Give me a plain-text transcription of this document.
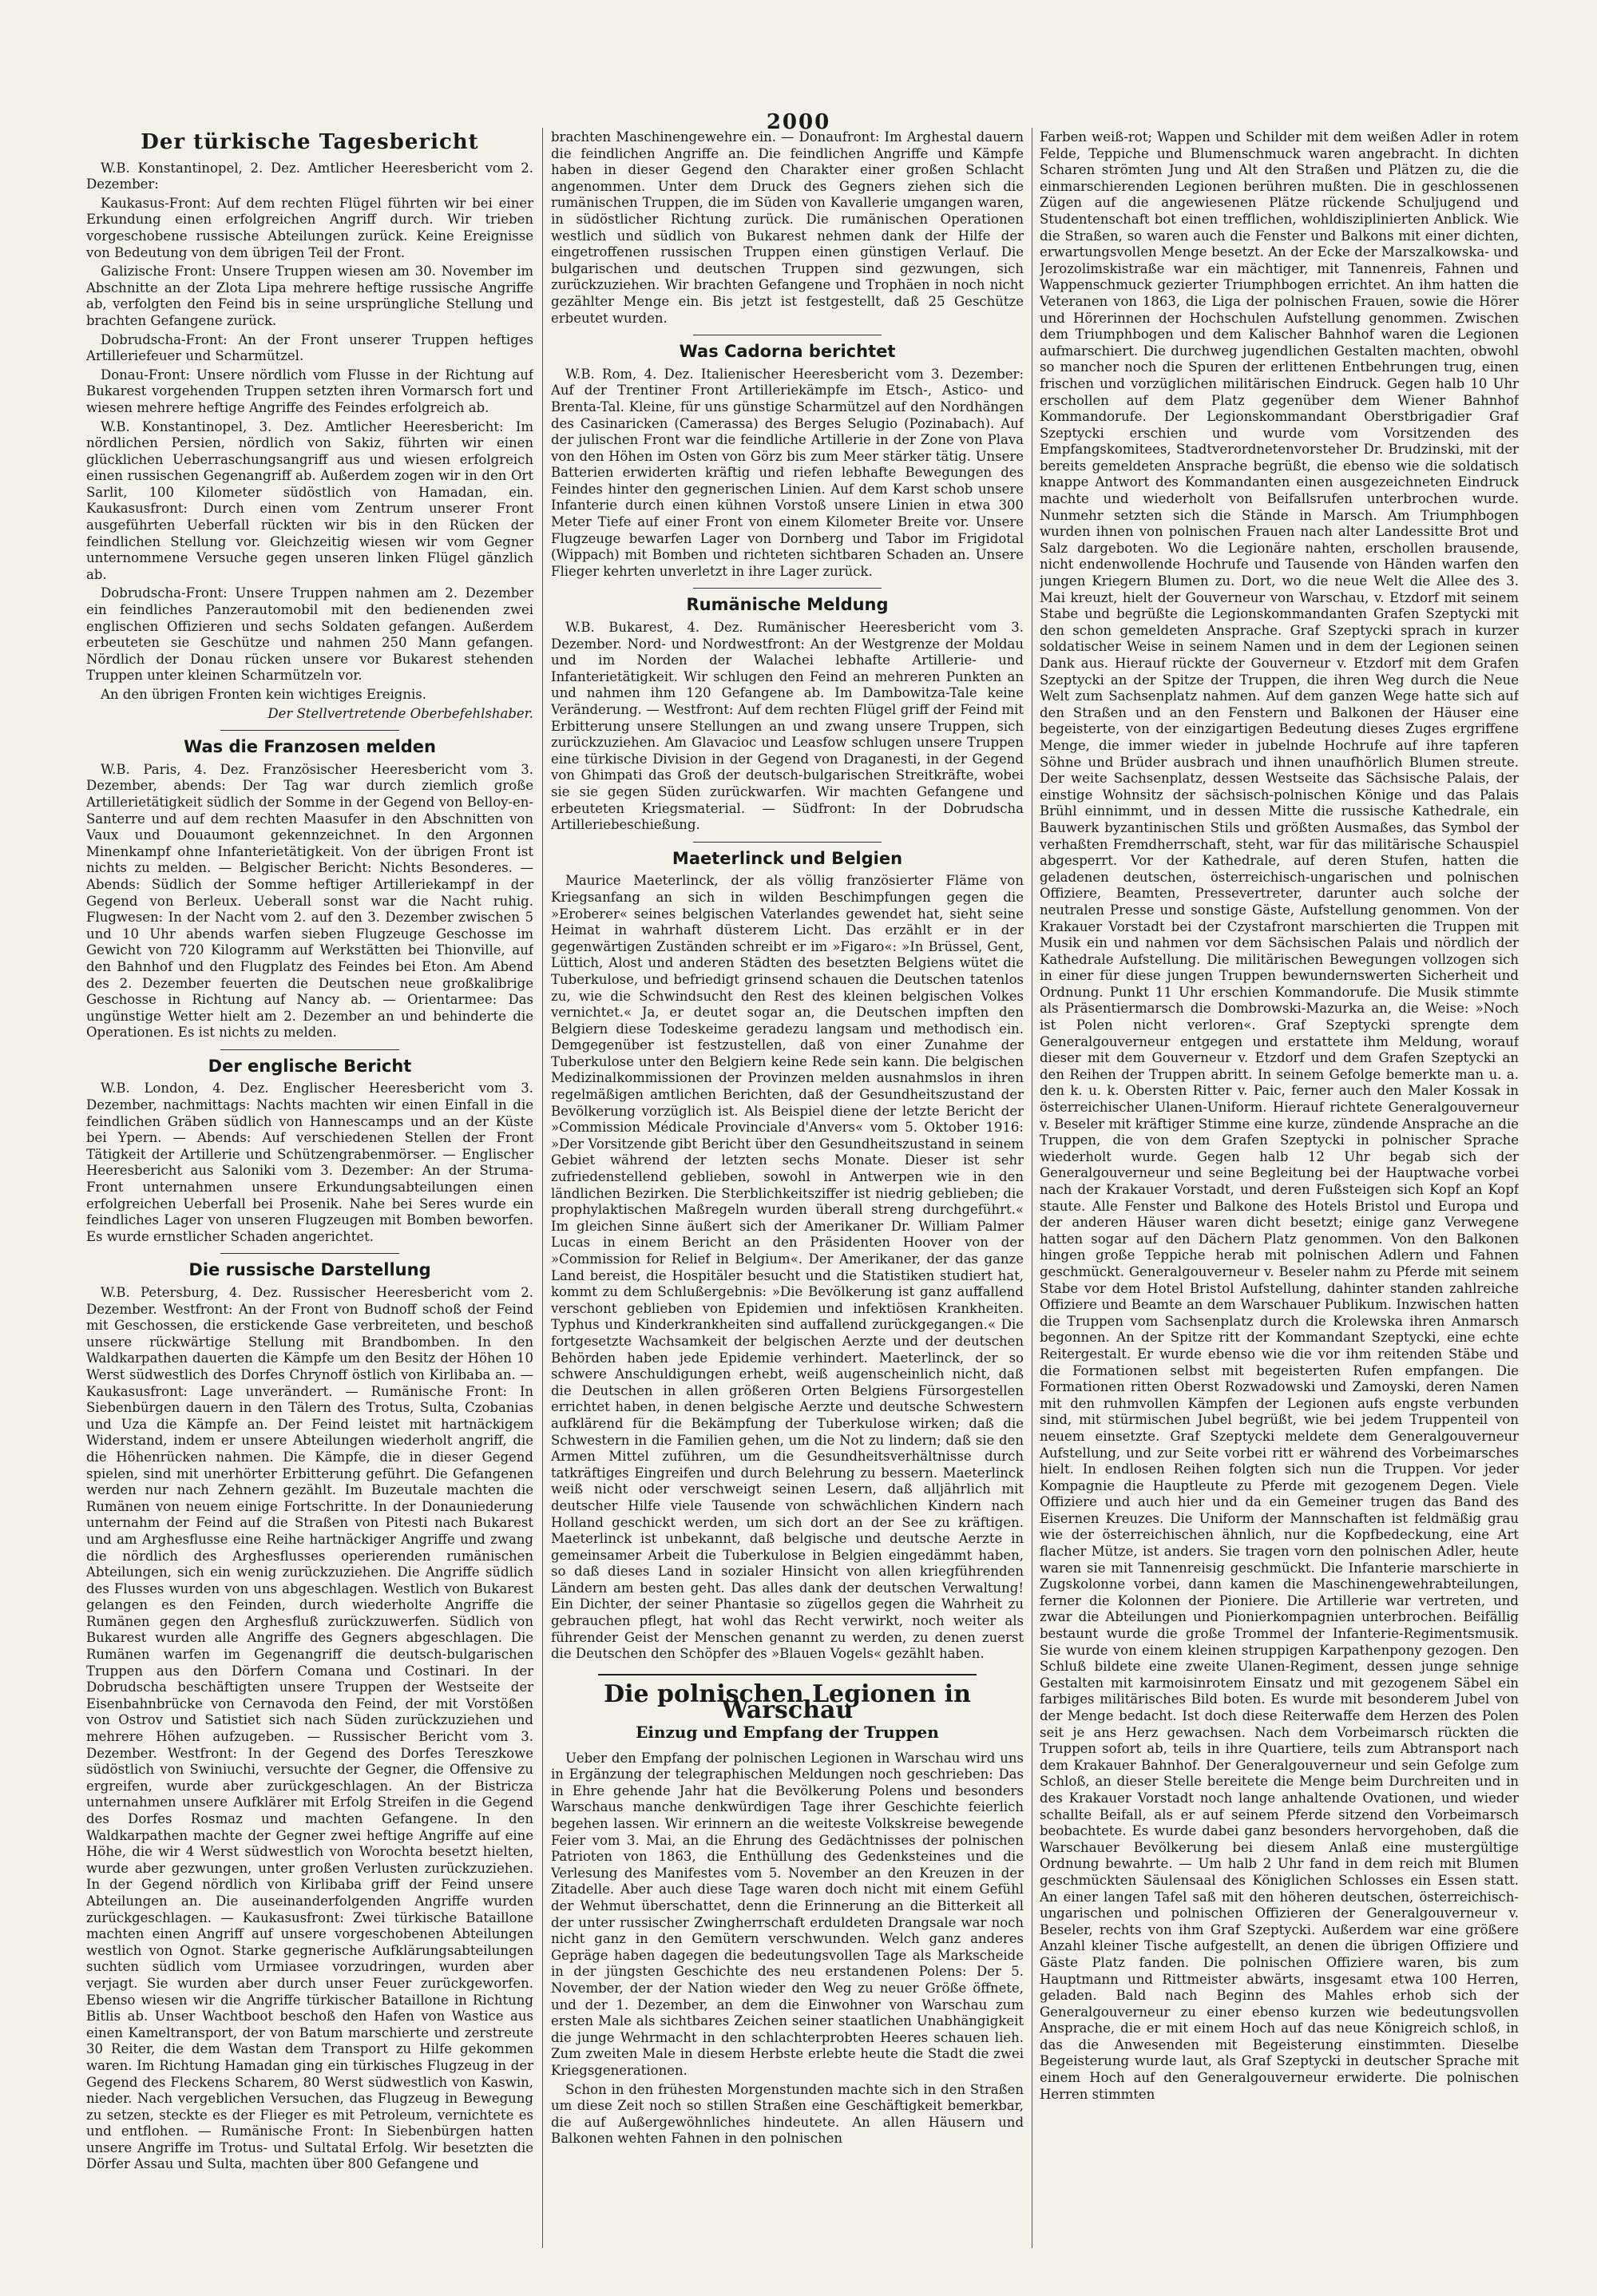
2000
Der türkische Tagesbericht

W.B. Konstantinopel, 2. Dez. Amtlicher Heeresbericht vom 2. Dezember:

Kaukasus-Front: Auf dem rechten Flügel führten wir bei einer Erkundung einen erfolgreichen Angriff durch. Wir trieben vorgeschobene russische Abteilungen zurück. Keine Ereignisse von Bedeutung von dem übrigen Teil der Front.

Galizische Front: Unsere Truppen wiesen am 30. November im Abschnitte an der Zlota Lipa mehrere heftige russische Angriffe ab, verfolgten den Feind bis in seine ursprüngliche Stellung und brachten Gefangene zurück.

Dobrudscha-Front: An der Front unserer Truppen heftiges Artilleriefeuer und Scharmützel.

Donau-Front: Unsere nördlich vom Flusse in der Richtung auf Bukarest vorgehenden Truppen setzten ihren Vormarsch fort und wiesen mehrere heftige Angriffe des Feindes erfolgreich ab.

W.B. Konstantinopel, 3. Dez. Amtlicher Heeresbericht: Im nördlichen Persien, nördlich von Sakiz, führten wir einen glücklichen Ueberraschungsangriff aus und wiesen erfolgreich einen russischen Gegenangriff ab. Außerdem zogen wir in den Ort Sarlit, 100 Kilometer südöstlich von Hamadan, ein. Kaukasusfront: Durch einen vom Zentrum unserer Front ausgeführten Ueberfall rückten wir bis in den Rücken der feindlichen Stellung vor. Gleichzeitig wiesen wir vom Gegner unternommene Versuche gegen unseren linken Flügel gänzlich ab.

Dobrudscha-Front: Unsere Truppen nahmen am 2. Dezember ein feindliches Panzerautomobil mit den bedienenden zwei englischen Offizieren und sechs Soldaten gefangen. Außerdem erbeuteten sie Geschütze und nahmen 250 Mann gefangen. Nördlich der Donau rücken unsere vor Bukarest stehenden Truppen unter kleinen Scharmützeln vor.

An den übrigen Fronten kein wichtiges Ereignis.

Der Stellvertretende Oberbefehlshaber.

Was die Franzosen melden

W.B. Paris, 4. Dez. Französischer Heeresbericht vom 3. Dezember, abends: Der Tag war durch ziemlich große Artillerietätigkeit südlich der Somme in der Gegend von Belloy-en-Santerre und auf dem rechten Maasufer in den Abschnitten von Vaux und Douaumont gekennzeichnet. In den Argonnen Minenkampf ohne Infanterietätigkeit. Von der übrigen Front ist nichts zu melden. — Belgischer Bericht: Nichts Besonderes. — Abends: Südlich der Somme heftiger Artilleriekampf in der Gegend von Berleux. Ueberall sonst war die Nacht ruhig. Flugwesen: In der Nacht vom 2. auf den 3. Dezember zwischen 5 und 10 Uhr abends warfen sieben Flugzeuge Geschosse im Gewicht von 720 Kilogramm auf Werkstätten bei Thionville, auf den Bahnhof und den Flugplatz des Feindes bei Eton. Am Abend des 2. Dezember feuerten die Deutschen neue großkalibrige Geschosse in Richtung auf Nancy ab. — Orientarmee: Das ungünstige Wetter hielt am 2. Dezember an und behinderte die Operationen. Es ist nichts zu melden.

Der englische Bericht

W.B. London, 4. Dez. Englischer Heeresbericht vom 3. Dezember, nachmittags: Nachts machten wir einen Einfall in die feindlichen Gräben südlich von Hannescamps und an der Küste bei Ypern. — Abends: Auf verschiedenen Stellen der Front Tätigkeit der Artillerie und Schützengrabenmörser. — Englischer Heeresbericht aus Saloniki vom 3. Dezember: An der Struma-Front unternahmen unsere Erkundungsabteilungen einen erfolgreichen Ueberfall bei Prosenik. Nahe bei Seres wurde ein feindliches Lager von unseren Flugzeugen mit Bomben beworfen. Es wurde ernstlicher Schaden angerichtet.

Die russische Darstellung

W.B. Petersburg, 4. Dez. Russischer Heeresbericht vom 2. Dezember. Westfront: An der Front von Budnoff schoß der Feind mit Geschossen, die erstickende Gase verbreiteten, und beschoß unsere rückwärtige Stellung mit Brandbomben. In den Waldkarpathen dauerten die Kämpfe um den Besitz der Höhen 10 Werst südwestlich des Dorfes Chrynoff östlich von Kirlibaba an. — Kaukasusfront: Lage unverändert. — Rumänische Front: In Siebenbürgen dauern in den Tälern des Trotus, Sulta, Czobanias und Uza die Kämpfe an. Der Feind leistet mit hartnäckigem Widerstand, indem er unsere Abteilungen wiederholt angriff, die die Höhenrücken nahmen. Die Kämpfe, die in dieser Gegend spielen, sind mit unerhörter Erbitterung geführt. Die Gefangenen werden nur nach Zehnern gezählt. Im Buzeutale machten die Rumänen von neuem einige Fortschritte. In der Donauniederung unternahm der Feind auf die Straßen von Pitesti nach Bukarest und am Arghesflusse eine Reihe hartnäckiger Angriffe und zwang die nördlich des Arghesflusses operierenden rumänischen Abteilungen, sich ein wenig zurückzuziehen. Die Angriffe südlich des Flusses wurden von uns abgeschlagen. Westlich von Bukarest gelangen es den Feinden, durch wiederholte Angriffe die Rumänen gegen den Arghesfluß zurückzuwerfen. Südlich von Bukarest wurden alle Angriffe des Gegners abgeschlagen. Die Rumänen warfen im Gegenangriff die deutsch-bulgarischen Truppen aus den Dörfern Comana und Costinari. In der Dobrudscha beschäftigten unsere Truppen der Westseite der Eisenbahnbrücke von Cernavoda den Feind, der mit Vorstößen von Ostrov und Satistiet sich nach Süden zurückzuziehen und mehrere Höhen aufzugeben. — Russischer Bericht vom 3. Dezember. Westfront: In der Gegend des Dorfes Tereszkowe südöstlich von Swiniuchi, versuchte der Gegner, die Offensive zu ergreifen, wurde aber zurückgeschlagen. An der Bistricza unternahmen unsere Aufklärer mit Erfolg Streifen in die Gegend des Dorfes Rosmaz und machten Gefangene. In den Waldkarpathen machte der Gegner zwei heftige Angriffe auf eine Höhe, die wir 4 Werst südwestlich von Worochta besetzt hielten, wurde aber gezwungen, unter großen Verlusten zurückzuziehen. In der Gegend nördlich von Kirlibaba griff der Feind unsere Abteilungen an. Die auseinanderfolgenden Angriffe wurden zurückgeschlagen. — Kaukasusfront: Zwei türkische Bataillone machten einen Angriff auf unsere vorgeschobenen Abteilungen westlich von Ognot. Starke gegnerische Aufklärungsabteilungen suchten südlich vom Urmiasee vorzudringen, wurden aber verjagt. Sie wurden aber durch unser Feuer zurückgeworfen. Ebenso wiesen wir die Angriffe türkischer Bataillone in Richtung Bitlis ab. Unser Wachtboot beschoß den Hafen von Wastice aus einen Kameltransport, der von Batum marschierte und zerstreute 30 Reiter, die dem Wastan dem Transport zu Hilfe gekommen waren. Im Richtung Hamadan ging ein türkisches Flugzeug in der Gegend des Fleckens Scharem, 80 Werst südwestlich von Kaswin, nieder. Nach vergeblichen Versuchen, das Flugzeug in Bewegung zu setzen, steckte es der Flieger es mit Petroleum, vernichtete es und entflohen. — Rumänische Front: In Siebenbürgen hatten unsere Angriffe im Trotus- und Sultatal Erfolg. Wir besetzten die Dörfer Assau und Sulta, machten über 800 Gefangene und

brachten Maschinengewehre ein. — Donaufront: Im Arghestal dauern die feindlichen Angriffe an. Die feindlichen Angriffe und Kämpfe haben in dieser Gegend den Charakter einer großen Schlacht angenommen. Unter dem Druck des Gegners ziehen sich die rumänischen Truppen, die im Süden von Kavallerie umgangen waren, in südöstlicher Richtung zurück. Die rumänischen Operationen westlich und südlich von Bukarest nehmen dank der Hilfe der eingetroffenen russischen Truppen einen günstigen Verlauf. Die bulgarischen und deutschen Truppen sind gezwungen, sich zurückzuziehen. Wir brachten Gefangene und Trophäen in noch nicht gezählter Menge ein. Bis jetzt ist festgestellt, daß 25 Geschütze erbeutet wurden.

Was Cadorna berichtet

W.B. Rom, 4. Dez. Italienischer Heeresbericht vom 3. Dezember: Auf der Trentiner Front Artilleriekämpfe im Etsch-, Astico- und Brenta-Tal. Kleine, für uns günstige Scharmützel auf den Nordhängen des Casinaricken (Camerassa) des Berges Selugio (Pozinabach). Auf der julischen Front war die feindliche Artillerie in der Zone von Plava von den Höhen im Osten von Görz bis zum Meer stärker tätig. Unsere Batterien erwiderten kräftig und riefen lebhafte Bewegungen des Feindes hinter den gegnerischen Linien. Auf dem Karst schob unsere Infanterie durch einen kühnen Vorstoß unsere Linien in etwa 300 Meter Tiefe auf einer Front von einem Kilometer Breite vor. Unsere Flugzeuge bewarfen Lager von Dornberg und Tabor im Frigidotal (Wippach) mit Bomben und richteten sichtbaren Schaden an. Unsere Flieger kehrten unverletzt in ihre Lager zurück.

Rumänische Meldung

W.B. Bukarest, 4. Dez. Rumänischer Heeresbericht vom 3. Dezember. Nord- und Nordwestfront: An der Westgrenze der Moldau und im Norden der Walachei lebhafte Artillerie- und Infanterietätigkeit. Wir schlugen den Feind an mehreren Punkten an und nahmen ihm 120 Gefangene ab. Im Dambowitza-Tale keine Veränderung. — Westfront: Auf dem rechten Flügel griff der Feind mit Erbitterung unsere Stellungen an und zwang unsere Truppen, sich zurückzuziehen. Am Glavacioc und Leasfow schlugen unsere Truppen eine türkische Division in der Gegend von Draganesti, in der Gegend von Ghimpati das Groß der deutsch-bulgarischen Streitkräfte, wobei sie sie gegen Süden zurückwarfen. Wir machten Gefangene und erbeuteten Kriegsmaterial. — Südfront: In der Dobrudscha Artilleriebeschießung.

Maeterlinck und Belgien

Maurice Maeterlinck, der als völlig französierter Fläme von Kriegsanfang an sich in wilden Beschimpfungen gegen die »Eroberer« seines belgischen Vaterlandes gewendet hat, sieht seine Heimat in wahrhaft düsterem Licht. Das erzählt er in der gegenwärtigen Zuständen schreibt er im »Figaro«: »In Brüssel, Gent, Lüttich, Alost und anderen Städten des besetzten Belgiens wütet die Tuberkulose, und befriedigt grinsend schauen die Deutschen tatenlos zu, wie die Schwindsucht den Rest des kleinen belgischen Volkes vernichtet.« Ja, er deutet sogar an, die Deutschen impften den Belgiern diese Todeskeime geradezu langsam und methodisch ein. Demgegenüber ist festzustellen, daß von einer Zunahme der Tuberkulose unter den Belgiern keine Rede sein kann. Die belgischen Medizinalkommissionen der Provinzen melden ausnahmslos in ihren regelmäßigen amtlichen Berichten, daß der Gesundheitszustand der Bevölkerung vorzüglich ist. Als Beispiel diene der letzte Bericht der »Commission Médicale Provinciale d'Anvers« vom 5. Oktober 1916: »Der Vorsitzende gibt Bericht über den Gesundheitszustand in seinem Gebiet während der letzten sechs Monate. Dieser ist sehr zufriedenstellend geblieben, sowohl in Antwerpen wie in den ländlichen Bezirken. Die Sterblichkeitsziffer ist niedrig geblieben; die prophylaktischen Maßregeln wurden überall streng durchgeführt.« Im gleichen Sinne äußert sich der Amerikaner Dr. William Palmer Lucas in einem Bericht an den Präsidenten Hoover von der »Commission for Relief in Belgium«. Der Amerikaner, der das ganze Land bereist, die Hospitäler besucht und die Statistiken studiert hat, kommt zu dem Schlußergebnis: »Die Bevölkerung ist ganz auffallend verschont geblieben von Epidemien und infektiösen Krankheiten. Typhus und Kinderkrankheiten sind auffallend zurückgegangen.« Die fortgesetzte Wachsamkeit der belgischen Aerzte und der deutschen Behörden haben jede Epidemie verhindert. Maeterlinck, der so schwere Anschuldigungen erhebt, weiß augenscheinlich nicht, daß die Deutschen in allen größeren Orten Belgiens Fürsorgestellen errichtet haben, in denen belgische Aerzte und deutsche Schwestern aufklärend für die Bekämpfung der Tuberkulose wirken; daß die Schwestern in die Familien gehen, um die Not zu lindern; daß sie den Armen Mittel zuführen, um die Gesundheitsverhältnisse durch tatkräftiges Eingreifen und durch Belehrung zu bessern. Maeterlinck weiß nicht oder verschweigt seinen Lesern, daß alljährlich mit deutscher Hilfe viele Tausende von schwächlichen Kindern nach Holland geschickt werden, um sich dort an der See zu kräftigen. Maeterlinck ist unbekannt, daß belgische und deutsche Aerzte in gemeinsamer Arbeit die Tuberkulose in Belgien eingedämmt haben, so daß dieses Land in sozialer Hinsicht von allen kriegführenden Ländern am besten geht. Das alles dank der deutschen Verwaltung! Ein Dichter, der seiner Phantasie so zügellos gegen die Wahrheit zu gebrauchen pflegt, hat wohl das Recht verwirkt, noch weiter als führender Geist der Menschen genannt zu werden, zu denen zuerst die Deutschen den Schöpfer des »Blauen Vogels« gezählt haben.

Die polnischen Legionen in Warschau
Einzug und Empfang der Truppen

Ueber den Empfang der polnischen Legionen in Warschau wird uns in Ergänzung der telegraphischen Meldungen noch geschrieben: Das in Ehre gehende Jahr hat die Bevölkerung Polens und besonders Warschaus manche denkwürdigen Tage ihrer Geschichte feierlich begehen lassen. Wir erinnern an die weiteste Volkskreise bewegende Feier vom 3. Mai, an die Ehrung des Gedächtnisses der polnischen Patrioten von 1863, die Enthüllung des Gedenksteines und die Verlesung des Manifestes vom 5. November an den Kreuzen in der Zitadelle. Aber auch diese Tage waren doch nicht mit einem Gefühl der Wehmut überschattet, denn die Erinnerung an die Bitterkeit all der unter russischer Zwingherrschaft erduldeten Drangsale war noch nicht ganz in den Gemütern verschwunden. Welch ganz anderes Gepräge haben dagegen die bedeutungsvollen Tage als Markscheide in der jüngsten Geschichte des neu erstandenen Polens: Der 5. November, der der Nation wieder den Weg zu neuer Größe öffnete, und der 1. Dezember, an dem die Einwohner von Warschau zum ersten Male als sichtbares Zeichen seiner staatlichen Unabhängigkeit die junge Wehrmacht in den schlachterprobten Heeres schauen lieh. Zum zweiten Male in diesem Herbste erlebte heute die Stadt die zwei Kriegsgenerationen.

Schon in den frühesten Morgenstunden machte sich in den Straßen um diese Zeit noch so stillen Straßen eine Geschäftigkeit bemerkbar, die auf Außergewöhnliches hindeutete. An allen Häusern und Balkonen wehten Fahnen in den polnischen

Farben weiß-rot; Wappen und Schilder mit dem weißen Adler in rotem Felde, Teppiche und Blumenschmuck waren angebracht. In dichten Scharen strömten Jung und Alt den Straßen und Plätzen zu, die die einmarschierenden Legionen berühren mußten. Die in geschlossenen Zügen auf die angewiesenen Plätze rückende Schuljugend und Studentenschaft bot einen trefflichen, wohldisziplinierten Anblick. Wie die Straßen, so waren auch die Fenster und Balkons mit einer dichten, erwartungsvollen Menge besetzt. An der Ecke der Marszalkowska- und Jerozolimskistraße war ein mächtiger, mit Tannenreis, Fahnen und Wappenschmuck gezierter Triumphbogen errichtet. An ihm hatten die Veteranen von 1863, die Liga der polnischen Frauen, sowie die Hörer und Hörerinnen der Hochschulen Aufstellung genommen. Zwischen dem Triumphbogen und dem Kalischer Bahnhof waren die Legionen aufmarschiert. Die durchweg jugendlichen Gestalten machten, obwohl so mancher noch die Spuren der erlittenen Entbehrungen trug, einen frischen und vorzüglichen militärischen Eindruck. Gegen halb 10 Uhr erschollen auf dem Platz gegenüber dem Wiener Bahnhof Kommandorufe. Der Legionskommandant Oberstbrigadier Graf Szeptycki erschien und wurde vom Vorsitzenden des Empfangskomitees, Stadtverordnetenvorsteher Dr. Brudzinski, mit der bereits gemeldeten Ansprache begrüßt, die ebenso wie die soldatisch knappe Antwort des Kommandanten einen ausgezeichneten Eindruck machte und wiederholt von Beifallsrufen unterbrochen wurde. Nunmehr setzten sich die Stände in Marsch. Am Triumphbogen wurden ihnen von polnischen Frauen nach alter Landessitte Brot und Salz dargeboten. Wo die Legionäre nahten, erschollen brausende, nicht endenwollende Hochrufe und Tausende von Händen warfen den jungen Kriegern Blumen zu. Dort, wo die neue Welt die Allee des 3. Mai kreuzt, hielt der Gouverneur von Warschau, v. Etzdorf mit seinem Stabe und begrüßte die Legionskommandanten Grafen Szeptycki mit den schon gemeldeten Ansprache. Graf Szeptycki sprach in kurzer soldatischer Weise in seinem Namen und in dem der Legionen seinen Dank aus. Hierauf rückte der Gouverneur v. Etzdorf mit dem Grafen Szeptycki an der Spitze der Truppen, die ihren Weg durch die Neue Welt zum Sachsenplatz nahmen. Auf dem ganzen Wege hatte sich auf den Straßen und an den Fenstern und Balkonen der Häuser eine begeisterte, von der einzigartigen Bedeutung dieses Zuges ergriffene Menge, die immer wieder in jubelnde Hochrufe auf ihre tapferen Söhne und Brüder ausbrach und ihnen unaufhörlich Blumen streute. Der weite Sachsenplatz, dessen Westseite das Sächsische Palais, der einstige Wohnsitz der sächsisch-polnischen Könige und das Palais Brühl einnimmt, und in dessen Mitte die russische Kathedrale, ein Bauwerk byzantinischen Stils und größten Ausmaßes, das Symbol der verhaßten Fremdherrschaft, steht, war für das militärische Schauspiel abgesperrt. Vor der Kathedrale, auf deren Stufen, hatten die geladenen deutschen, österreichisch-ungarischen und polnischen Offiziere, Beamten, Pressevertreter, darunter auch solche der neutralen Presse und sonstige Gäste, Aufstellung genommen. Von der Krakauer Vorstadt bei der Czystafront marschierten die Truppen mit Musik ein und nahmen vor dem Sächsischen Palais und nördlich der Kathedrale Aufstellung. Die militärischen Bewegungen vollzogen sich in einer für diese jungen Truppen bewundernswerten Sicherheit und Ordnung. Punkt 11 Uhr erschien Kommandorufe. Die Musik stimmte als Präsentiermarsch die Dombrowski-Mazurka an, die Weise: »Noch ist Polen nicht verloren«. Graf Szeptycki sprengte dem Generalgouverneur entgegen und erstattete ihm Meldung, worauf dieser mit dem Gouverneur v. Etzdorf und dem Grafen Szeptycki an den Reihen der Truppen abritt. In seinem Gefolge bemerkte man u. a. den k. u. k. Obersten Ritter v. Paic, ferner auch den Maler Kossak in österreichischer Ulanen-Uniform. Hierauf richtete Generalgouverneur v. Beseler mit kräftiger Stimme eine kurze, zündende Ansprache an die Truppen, die von dem Grafen Szeptycki in polnischer Sprache wiederholt wurde. Gegen halb 12 Uhr begab sich der Generalgouverneur und seine Begleitung bei der Hauptwache vorbei nach der Krakauer Vorstadt, und deren Fußsteigen sich Kopf an Kopf staute. Alle Fenster und Balkone des Hotels Bristol und Europa und der anderen Häuser waren dicht besetzt; einige ganz Verwegene hatten sogar auf den Dächern Platz genommen. Von den Balkonen hingen große Teppiche herab mit polnischen Adlern und Fahnen geschmückt. Generalgouverneur v. Beseler nahm zu Pferde mit seinem Stabe vor dem Hotel Bristol Aufstellung, dahinter standen zahlreiche Offiziere und Beamte an dem Warschauer Publikum. Inzwischen hatten die Truppen vom Sachsenplatz durch die Krolewska ihren Anmarsch begonnen. An der Spitze ritt der Kommandant Szeptycki, eine echte Reitergestalt. Er wurde ebenso wie die vor ihm reitenden Stäbe und die Formationen selbst mit begeisterten Rufen empfangen. Die Formationen ritten Oberst Rozwadowski und Zamoyski, deren Namen mit den ruhmvollen Kämpfen der Legionen aufs engste verbunden sind, mit stürmischen Jubel begrüßt, wie bei jedem Truppenteil von neuem einsetzte. Graf Szeptycki meldete dem Generalgouverneur Aufstellung, und zur Seite vorbei ritt er während des Vorbeimarsches hielt. In endlosen Reihen folgten sich nun die Truppen. Vor jeder Kompagnie die Hauptleute zu Pferde mit gezogenem Degen. Viele Offiziere und auch hier und da ein Gemeiner trugen das Band des Eisernen Kreuzes. Die Uniform der Mannschaften ist feldmäßig grau wie der österreichischen ähnlich, nur die Kopfbedeckung, eine Art flacher Mütze, ist anders. Sie tragen vorn den polnischen Adler, heute waren sie mit Tannenreisig geschmückt. Die Infanterie marschierte in Zugskolonne vorbei, dann kamen die Maschinengewehrabteilungen, ferner die Kolonnen der Pioniere. Die Artillerie war vertreten, und zwar die Abteilungen und Pionierkompagnien unterbrochen. Beifällig bestaunt wurde die große Trommel der Infanterie-Regimentsmusik. Sie wurde von einem kleinen struppigen Karpathenpony gezogen. Den Schluß bildete eine zweite Ulanen-Regiment, dessen junge sehnige Gestalten mit karmoisinrotem Einsatz und mit gezogenem Säbel ein farbiges militärisches Bild boten. Es wurde mit besonderem Jubel von der Menge bedacht. Ist doch diese Reiterwaffe dem Herzen des Polen seit je ans Herz gewachsen. Nach dem Vorbeimarsch rückten die Truppen sofort ab, teils in ihre Quartiere, teils zum Abtransport nach dem Krakauer Bahnhof. Der Generalgouverneur und sein Gefolge zum Schloß, an dieser Stelle bereitete die Menge beim Durchreiten und in des Krakauer Vorstadt noch lange anhaltende Ovationen, und wieder schallte Beifall, als er auf seinem Pferde sitzend den Vorbeimarsch beobachtete. Es wurde dabei ganz besonders hervorgehoben, daß die Warschauer Bevölkerung bei diesem Anlaß eine mustergültige Ordnung bewahrte. — Um halb 2 Uhr fand in dem reich mit Blumen geschmückten Säulensaal des Königlichen Schlosses ein Essen statt. An einer langen Tafel saß mit den höheren deutschen, österreichisch-ungarischen und polnischen Offizieren der Generalgouverneur v. Beseler, rechts von ihm Graf Szeptycki. Außerdem war eine größere Anzahl kleiner Tische aufgestellt, an denen die übrigen Offiziere und Gäste Platz fanden. Die polnischen Offiziere waren, bis zum Hauptmann und Rittmeister abwärts, insgesamt etwa 100 Herren, geladen. Bald nach Beginn des Mahles erhob sich der Generalgouverneur zu einer ebenso kurzen wie bedeutungsvollen Ansprache, die er mit einem Hoch auf das neue Königreich schloß, in das die Anwesenden mit Begeisterung einstimmten. Dieselbe Begeisterung wurde laut, als Graf Szeptycki in deutscher Sprache mit einem Hoch auf den Generalgouverneur erwiderte. Die polnischen Herren stimmten
